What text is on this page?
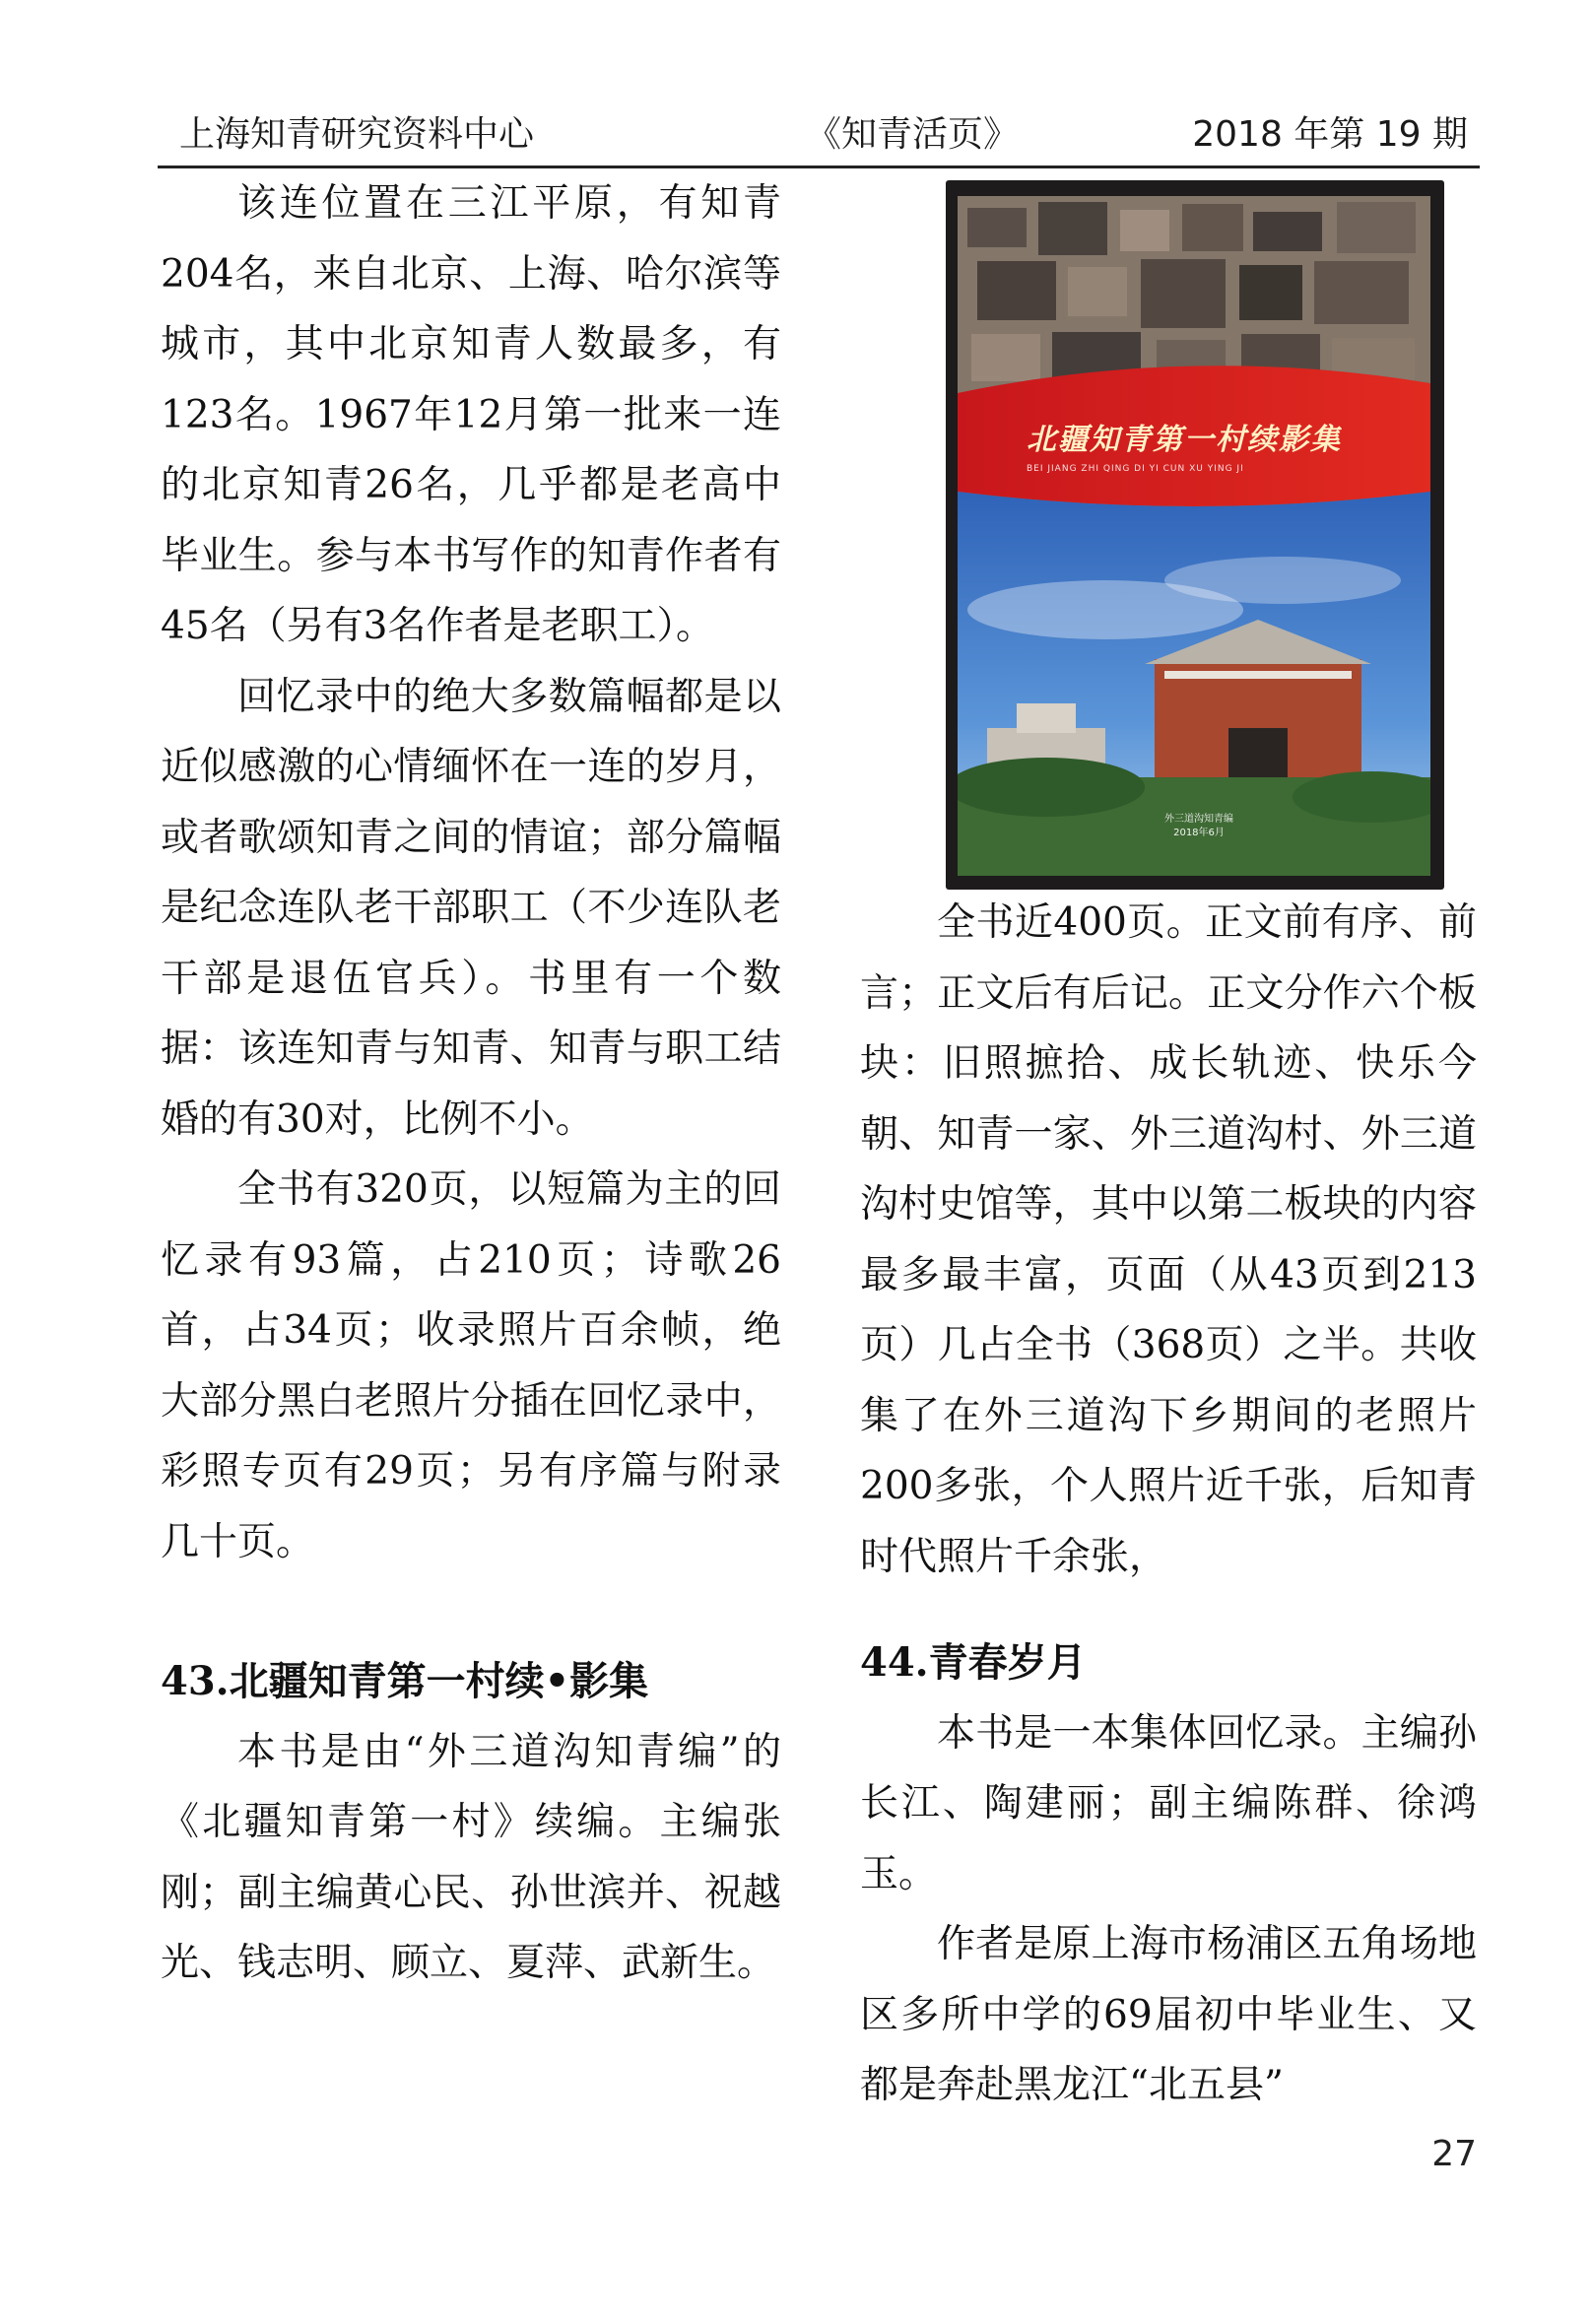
上海知青研究资料中心	《知青活页》	2018 年第 19 期

该连位置在三江平原，有知青204名，来自北京、上海、哈尔滨等城市，其中北京知青人数最多，有123名。1967年12月第一批来一连的北京知青26名，几乎都是老高中毕业生。参与本书写作的知青作者有45名（另有3名作者是老职工）。

回忆录中的绝大多数篇幅都是以近似感激的心情缅怀在一连的岁月，或者歌颂知青之间的情谊；部分篇幅是纪念连队老干部职工（不少连队老干部是退伍官兵）。书里有一个数据：该连知青与知青、知青与职工结婚的有30对，比例不小。

全书有320页，以短篇为主的回忆录有93篇，占210页；诗歌26首，占34页；收录照片百余帧，绝大部分黑白老照片分插在回忆录中，彩照专页有29页；另有序篇与附录几十页。

43.北疆知青第一村续•影集

本书是由“外三道沟知青编”的《北疆知青第一村》续编。主编张刚；副主编黄心民、孙世滨并、祝越光、钱志明、顾立、夏萍、武新生。

北疆知青第一村续影集
BEI JIANG ZHI QING DI YI CUN XU YING JI
外三道沟知青编
2018年6月

全书近400页。正文前有序、前言；正文后有后记。正文分作六个板块：旧照摭拾、成长轨迹、快乐今朝、知青一家、外三道沟村、外三道沟村史馆等，其中以第二板块的内容最多最丰富，页面（从43页到213页）几占全书（368页）之半。共收集了在外三道沟下乡期间的老照片200多张，个人照片近千张，后知青时代照片千余张，

44.青春岁月

本书是一本集体回忆录。主编孙长江、陶建丽；副主编陈群、徐鸿玉。

作者是原上海市杨浦区五角场地区多所中学的69届初中毕业生、又都是奔赴黑龙江“北五县”

27
